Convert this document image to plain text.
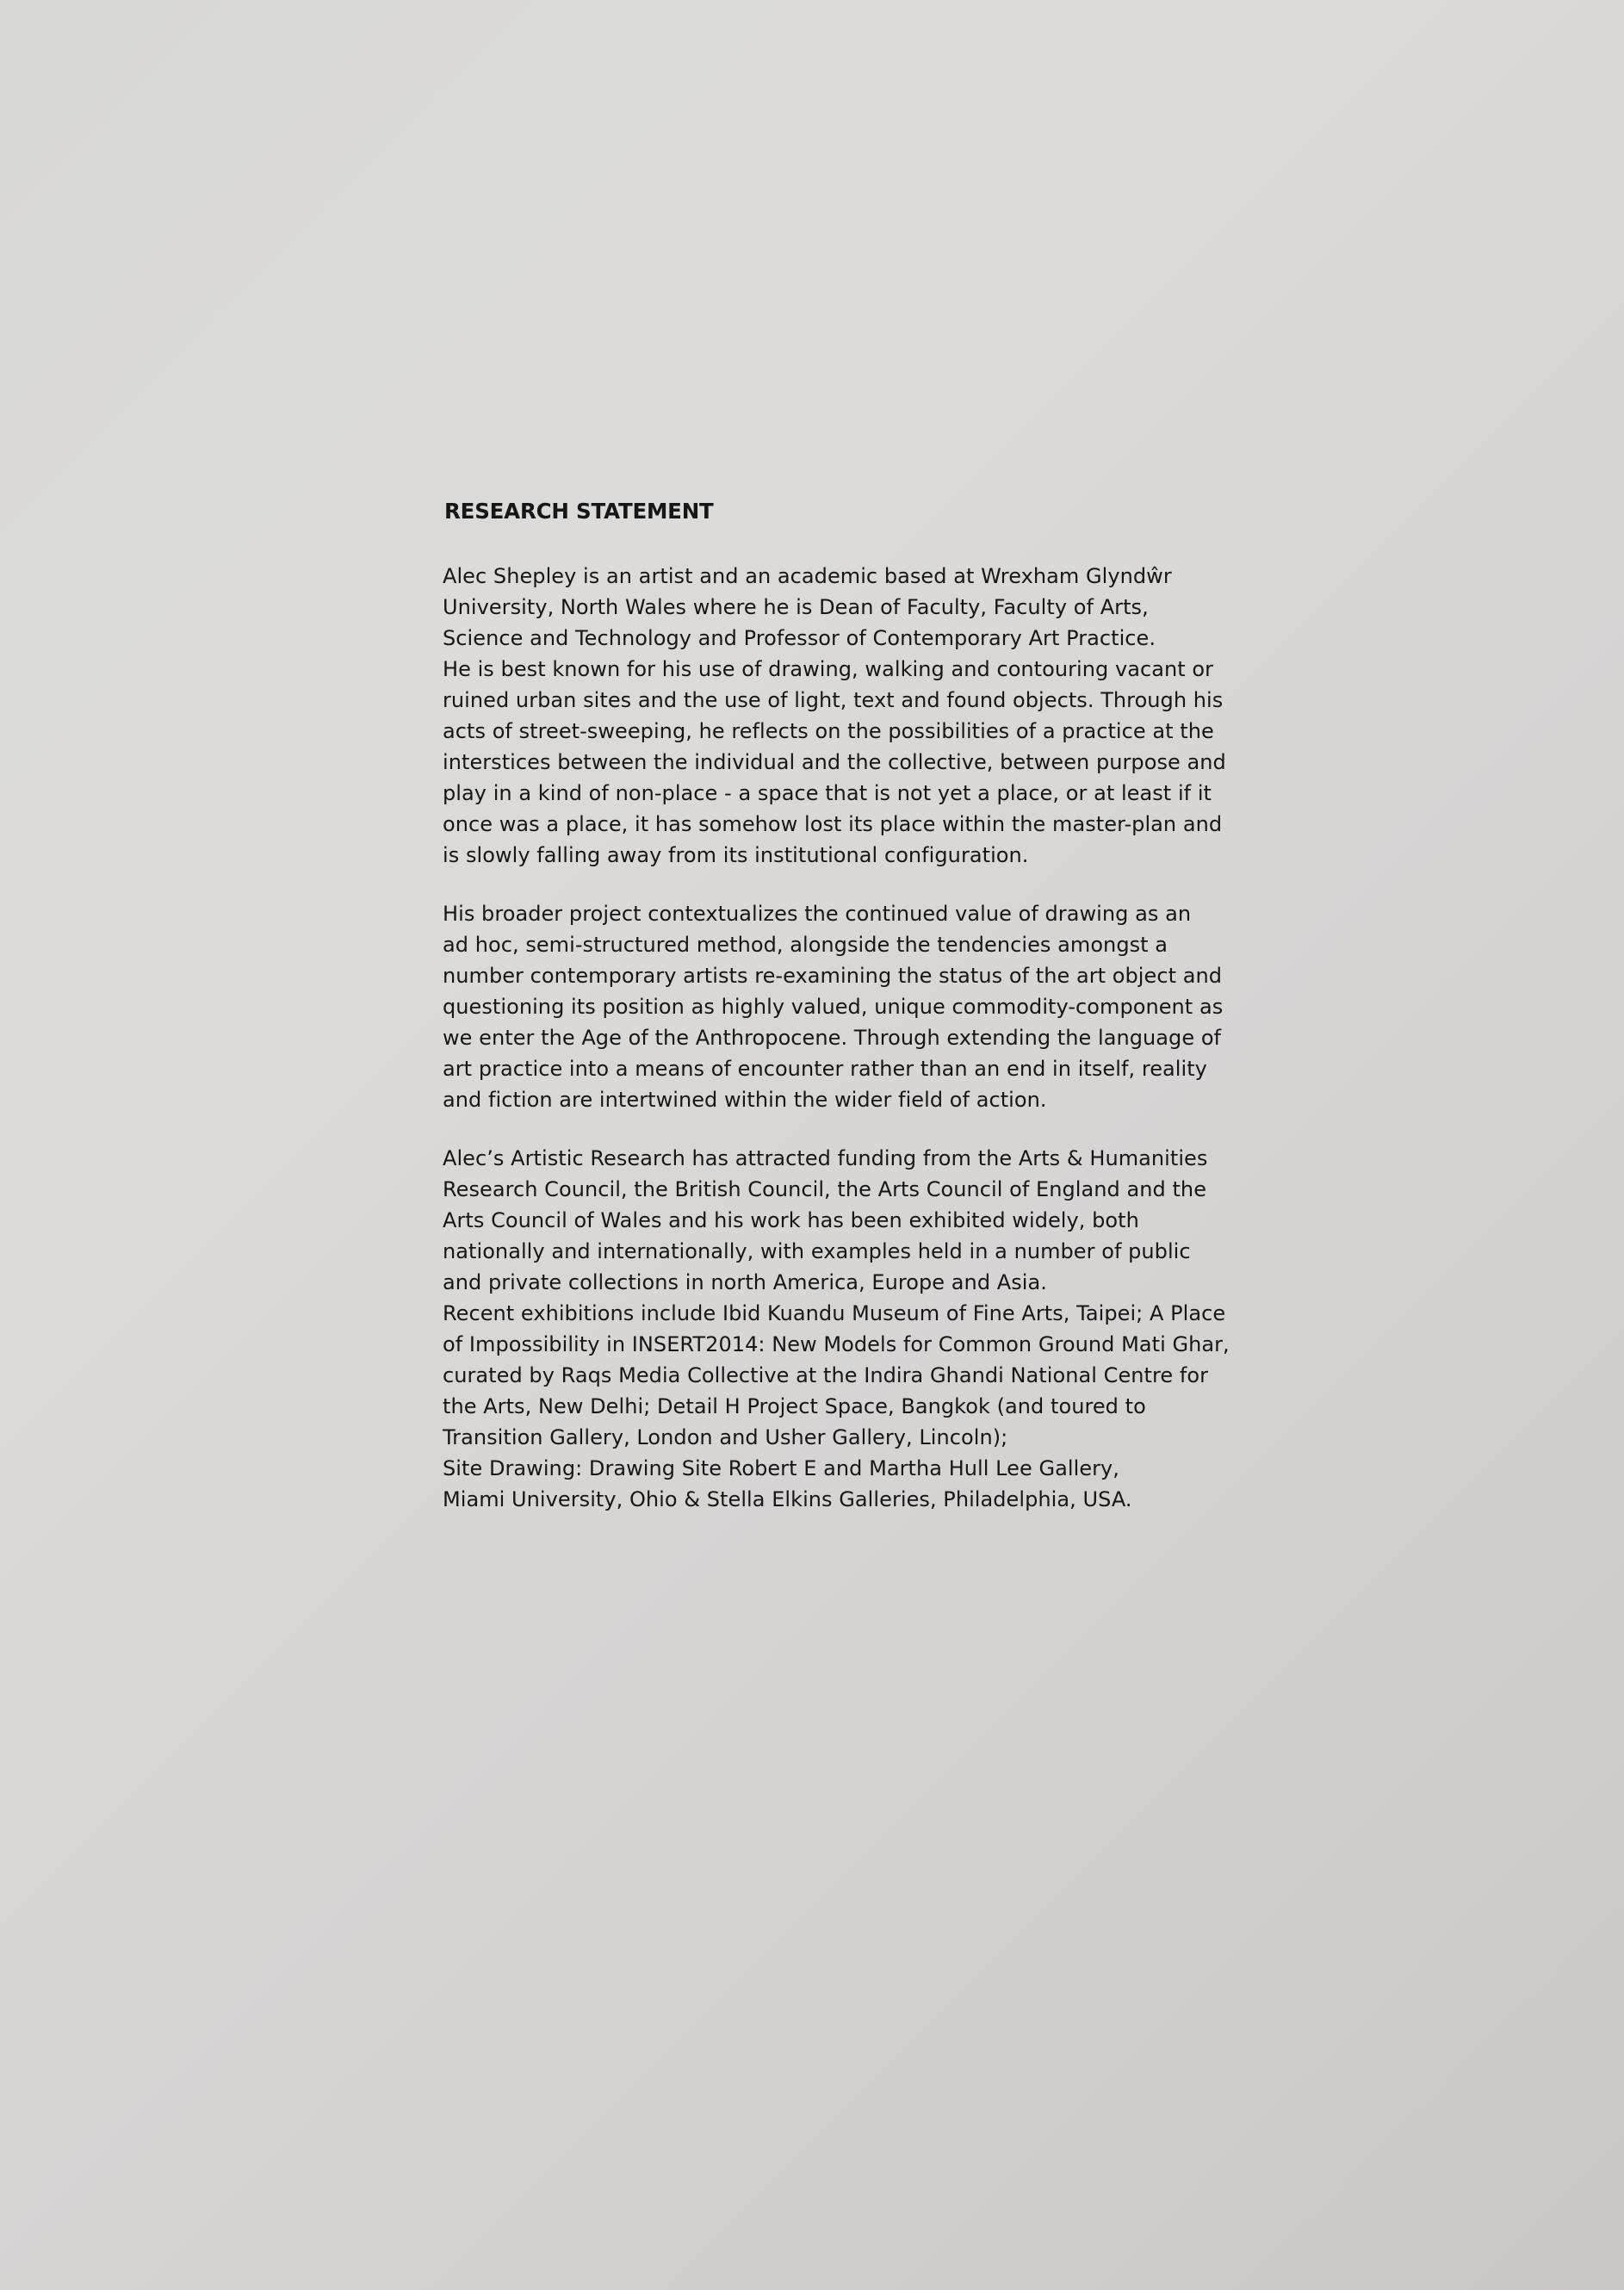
RESEARCH STATEMENT
Alec Shepley is an artist and an academic based at Wrexham Glyndŵr
University, North Wales where he is Dean of Faculty, Faculty of Arts,
Science and Technology and Professor of Contemporary Art Practice.
He is best known for his use of drawing, walking and contouring vacant or
ruined urban sites and the use of light, text and found objects. Through his
acts of street-sweeping, he reflects on the possibilities of a practice at the
interstices between the individual and the collective, between purpose and
play in a kind of non-place - a space that is not yet a place, or at least if it
once was a place, it has somehow lost its place within the master-plan and
is slowly falling away from its institutional configuration.
His broader project contextualizes the continued value of drawing as an
ad hoc, semi-structured method, alongside the tendencies amongst a
number contemporary artists re-examining the status of the art object and
questioning its position as highly valued, unique commodity-component as
we enter the Age of the Anthropocene. Through extending the language of
art practice into a means of encounter rather than an end in itself, reality
and fiction are intertwined within the wider field of action.
Alec’s Artistic Research has attracted funding from the Arts & Humanities
Research Council, the British Council, the Arts Council of England and the
Arts Council of Wales and his work has been exhibited widely, both
nationally and internationally, with examples held in a number of public
and private collections in north America, Europe and Asia.
Recent exhibitions include Ibid Kuandu Museum of Fine Arts, Taipei; A Place
of Impossibility in INSERT2014: New Models for Common Ground Mati Ghar,
curated by Raqs Media Collective at the Indira Ghandi National Centre for
the Arts, New Delhi; Detail H Project Space, Bangkok (and toured to
Transition Gallery, London and Usher Gallery, Lincoln);
Site Drawing: Drawing Site Robert E and Martha Hull Lee Gallery,
Miami University, Ohio & Stella Elkins Galleries, Philadelphia, USA.
